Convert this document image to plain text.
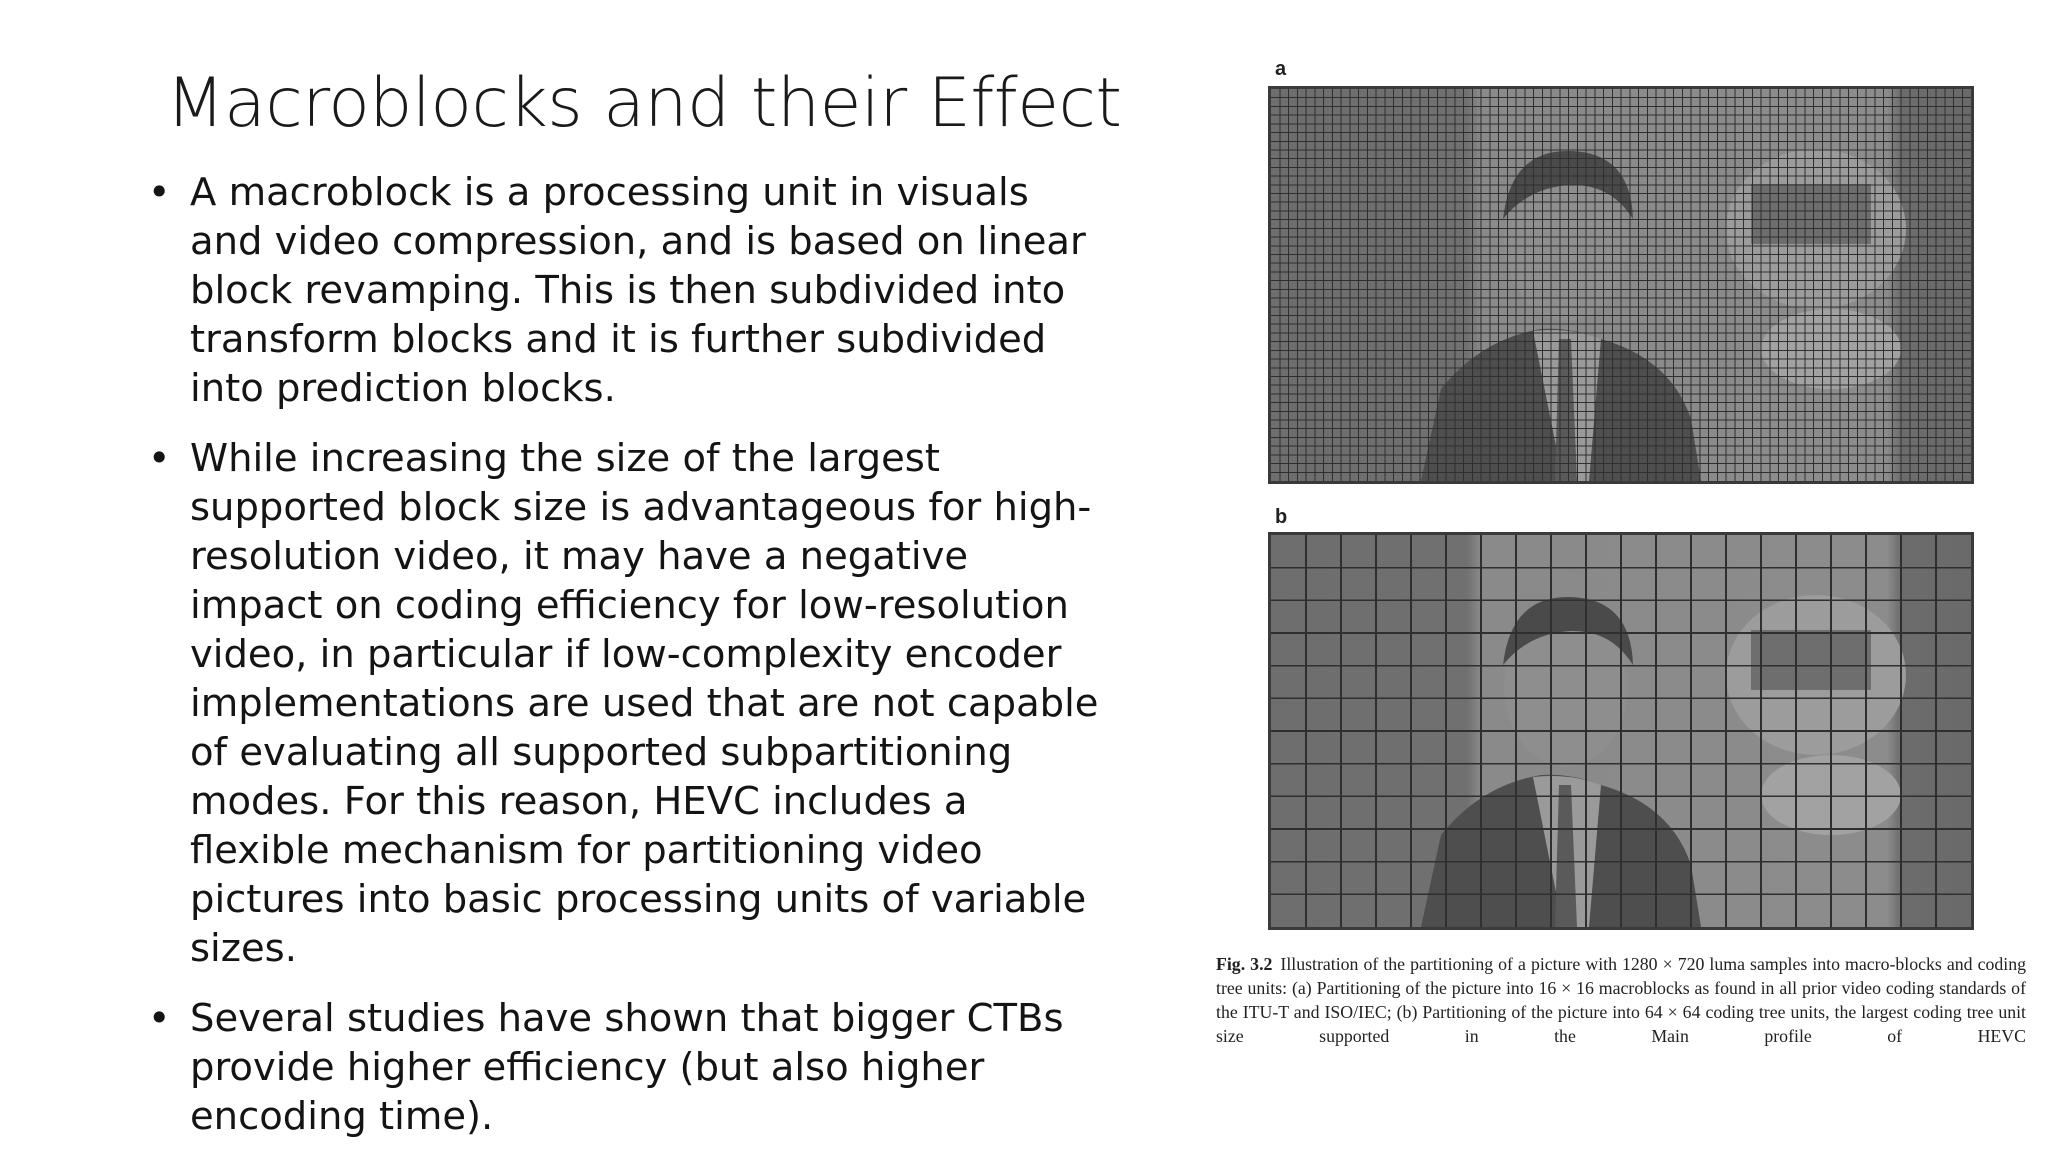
Macroblocks and their Effect
• A macroblock is a processing unit in visuals and video compression, and is based on linear block revamping. This is then subdivided into transform blocks and it is further subdivided into prediction blocks.
• While increasing the size of the largest supported block size is advantageous for high-resolution video, it may have a negative impact on coding efficiency for low-resolution video, in particular if low-complexity encoder implementations are used that are not capable of evaluating all supported subpartitioning modes. For this reason, HEVC includes a flexible mechanism for partitioning video pictures into basic processing units of variable sizes.
• Several studies have shown that bigger CTBs provide higher efficiency (but also higher encoding time).
a
b
Fig. 3.2 Illustration of the partitioning of a picture with 1280 × 720 luma samples into macro-blocks and coding tree units: (a) Partitioning of the picture into 16 × 16 macroblocks as found in all prior video coding standards of the ITU-T and ISO/IEC; (b) Partitioning of the picture into 64 × 64 coding tree units, the largest coding tree unit size supported in the Main profile of HEVC
